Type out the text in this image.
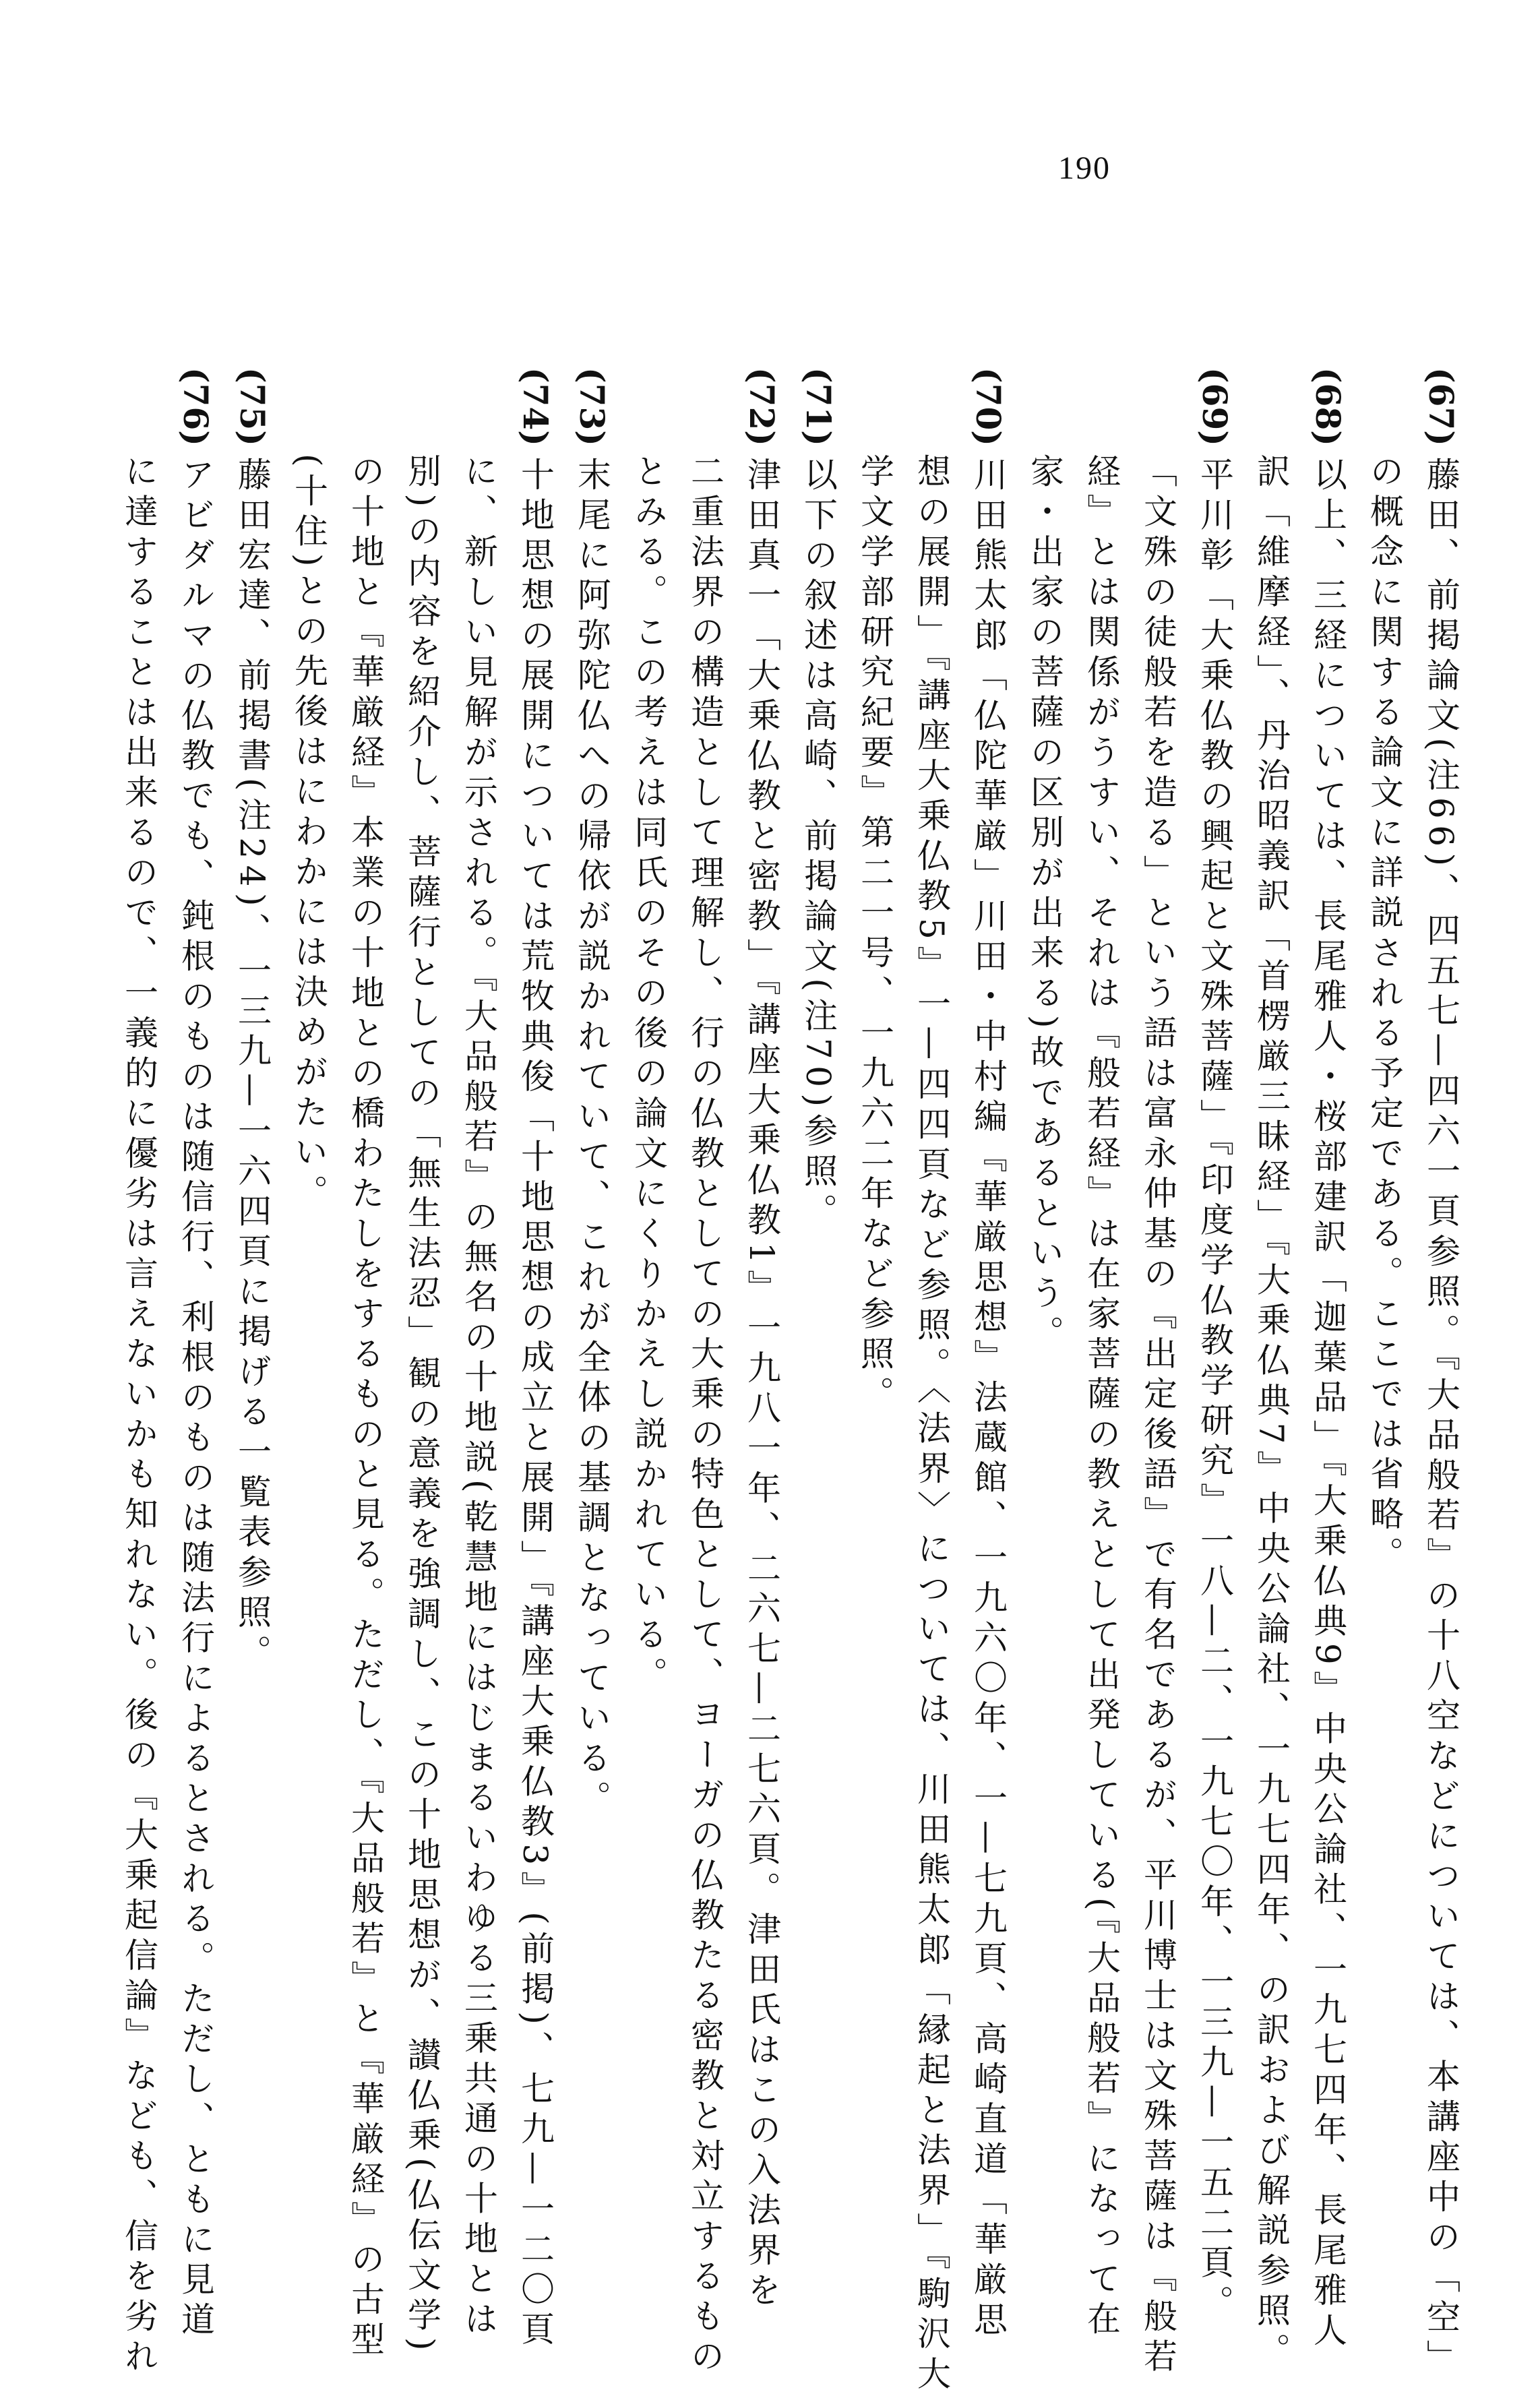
190
(67)藤田、前掲論文(注66)、四五七—四六一頁参照。『大品般若』の十八空などについては、本講座中の「空」
の概念に関する論文に詳説される予定である。ここでは省略。
(68)以上、三経については、長尾雅人・桜部建訳「迦葉品」『大乗仏典9』中央公論社、一九七四年、長尾雅人
訳「維摩経」、丹治昭義訳「首楞厳三昧経」『大乗仏典7』中央公論社、一九七四年、の訳および解説参照。
(69)平川彰「大乗仏教の興起と文殊菩薩」『印度学仏教学研究』一八—二、一九七〇年、一三九—一五二頁。
「文殊の徒般若を造る」という語は富永仲基の『出定後語』で有名であるが、平川博士は文殊菩薩は『般若
経』とは関係がうすい、それは『般若経』は在家菩薩の教えとして出発している(『大品般若』になって在
家・出家の菩薩の区別が出来る)故であるという。
(70)川田熊太郎「仏陀華厳」川田・中村編『華厳思想』法蔵館、一九六〇年、一—七九頁、高崎直道「華厳思
想の展開」『講座大乗仏教5』一—四四頁など参照。〈法界〉については、川田熊太郎「縁起と法界」『駒沢大
学文学部研究紀要』第二一号、一九六二年など参照。
(71)以下の叙述は高崎、前掲論文(注70)参照。
(72)津田真一「大乗仏教と密教」『講座大乗仏教1』一九八一年、二六七—二七六頁。津田氏はこの入法界を
二重法界の構造として理解し、行の仏教としての大乗の特色として、ヨーガの仏教たる密教と対立するもの
とみる。この考えは同氏のその後の論文にくりかえし説かれている。
(73)末尾に阿弥陀仏への帰依が説かれていて、これが全体の基調となっている。
(74)十地思想の展開については荒牧典俊「十地思想の成立と展開」『講座大乗仏教3』(前掲)、七九—一二〇頁
に、新しい見解が示される。『大品般若』の無名の十地説(乾慧地にはじまるいわゆる三乗共通の十地とは
別)の内容を紹介し、菩薩行としての「無生法忍」観の意義を強調し、この十地思想が、讃仏乗(仏伝文学)
の十地と『華厳経』本業の十地との橋わたしをするものと見る。ただし、『大品般若』と『華厳経』の古型
(十住)との先後はにわかには決めがたい。
(75)藤田宏達、前掲書(注24)、一三九—一六四頁に掲げる一覧表参照。
(76)アビダルマの仏教でも、鈍根のものは随信行、利根のものは随法行によるとされる。ただし、ともに見道
に達することは出来るので、一義的に優劣は言えないかも知れない。後の『大乗起信論』なども、信を劣れ
